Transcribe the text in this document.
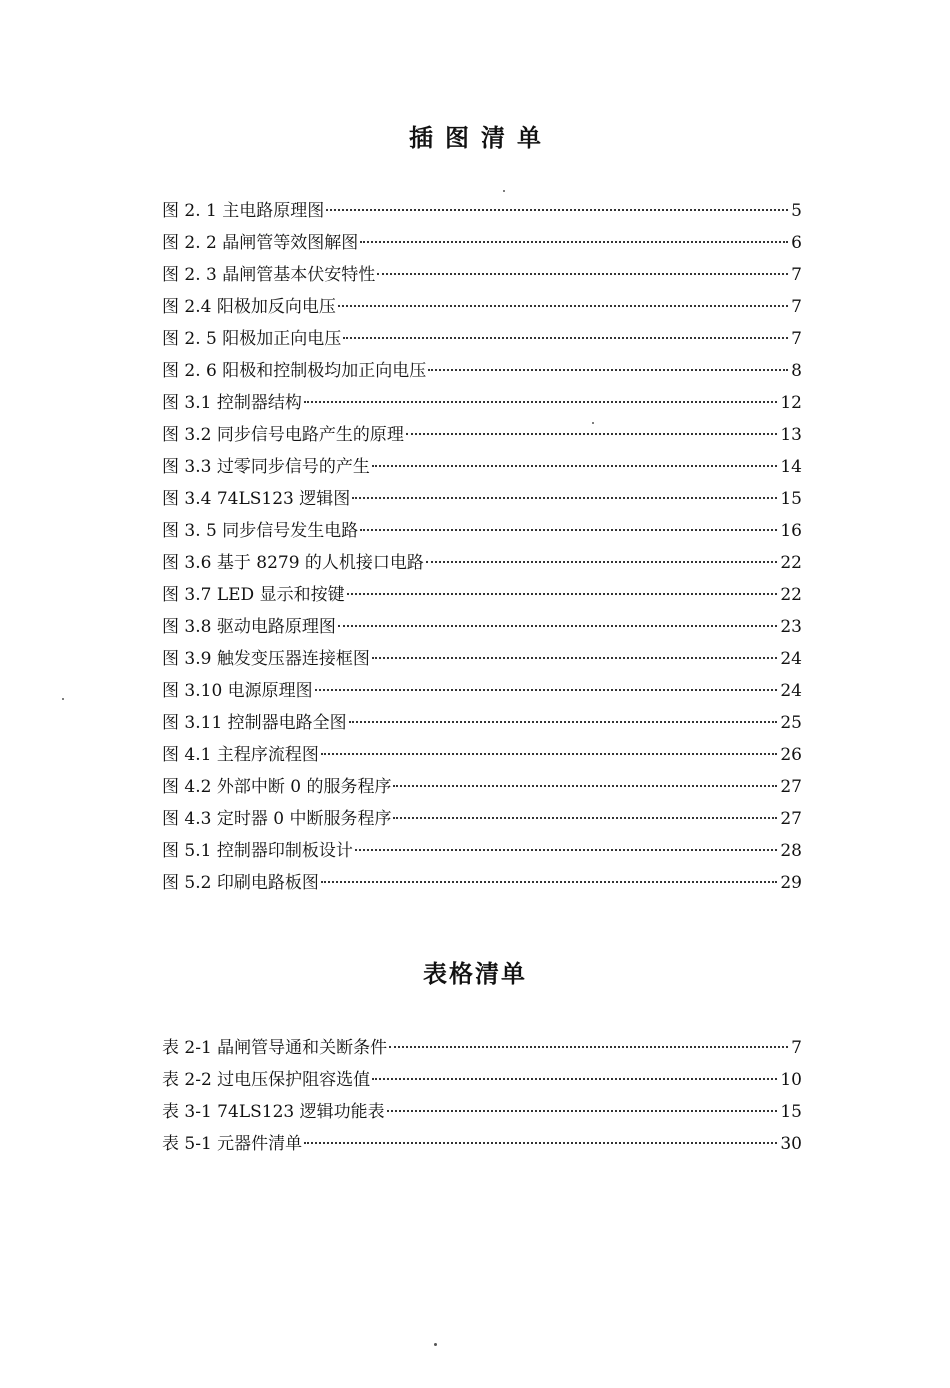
插图清单
图 2. 1 主电路原理图	5
图 2. 2 晶闸管等效图解图	6
图 2. 3 晶闸管基本伏安特性	7
图 2.4 阳极加反向电压	7
图 2. 5 阳极加正向电压	7
图 2. 6 阳极和控制极均加正向电压	8
图 3.1 控制器结构	12
图 3.2 同步信号电路产生的原理	13
图 3.3 过零同步信号的产生	14
图 3.4 74LS123 逻辑图	15
图 3. 5 同步信号发生电路	16
图 3.6 基于 8279 的人机接口电路	22
图 3.7 LED 显示和按键	22
图 3.8 驱动电路原理图	23
图 3.9 触发变压器连接框图	24
图 3.10 电源原理图	24
图 3.11 控制器电路全图	25
图 4.1 主程序流程图	26
图 4.2 外部中断 0 的服务程序	27
图 4.3 定时器 0 中断服务程序	27
图 5.1 控制器印制板设计	28
图 5.2 印刷电路板图	29
表格清单
表 2-1 晶闸管导通和关断条件	7
表 2-2 过电压保护阻容选值	10
表 3-1 74LS123 逻辑功能表	15
表 5-1 元器件清单	30
